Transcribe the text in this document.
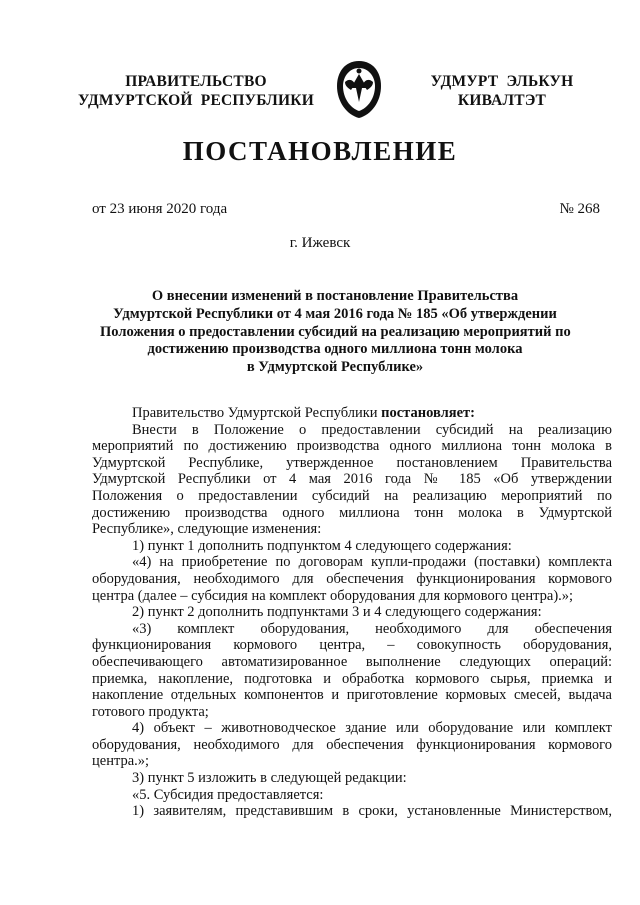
ПРАВИТЕЛЬСТВО
УДМУРТСКОЙ  РЕСПУБЛИКИ
УДМУРТ  ЭЛЬКУН
КИВАЛТЭТ
ПОСТАНОВЛЕНИЕ
от 23 июня 2020 года	№ 268
г. Ижевск
О внесении изменений в постановление Правительства
Удмуртской Республики от 4 мая 2016 года № 185 «Об утверждении
Положения о предоставлении субсидий на реализацию мероприятий по
достижению производства одного миллиона тонн молока
в Удмуртской Республике»
Правительство Удмуртской Республики постановляет:
Внести в Положение о предоставлении субсидий на реализацию
мероприятий по достижению производства одного миллиона тонн молока в
Удмуртской Республике, утвержденное постановлением Правительства
Удмуртской Республики от 4 мая 2016 года № 185 «Об утверждении
Положения о предоставлении субсидий на реализацию мероприятий по
достижению производства одного миллиона тонн молока в Удмуртской
Республике», следующие изменения:
1) пункт 1 дополнить подпунктом 4 следующего содержания:
«4) на приобретение по договорам купли-продажи (поставки) комплекта
оборудования, необходимого для обеспечения функционирования кормового
центра (далее – субсидия на комплект оборудования для кормового центра).»;
2) пункт 2 дополнить подпунктами 3 и 4 следующего содержания:
«3) комплект оборудования, необходимого для обеспечения
функционирования кормового центра, – совокупность оборудования,
обеспечивающего автоматизированное выполнение следующих операций:
приемка, накопление, подготовка и обработка кормового сырья, приемка и
накопление отдельных компонентов и приготовление кормовых смесей, выдача
готового продукта;
4) объект – животноводческое здание или оборудование или комплект
оборудования, необходимого для обеспечения функционирования кормового
центра.»;
3) пункт 5 изложить в следующей редакции:
«5. Субсидия предоставляется:
1) заявителям, представившим в сроки, установленные Министерством,
